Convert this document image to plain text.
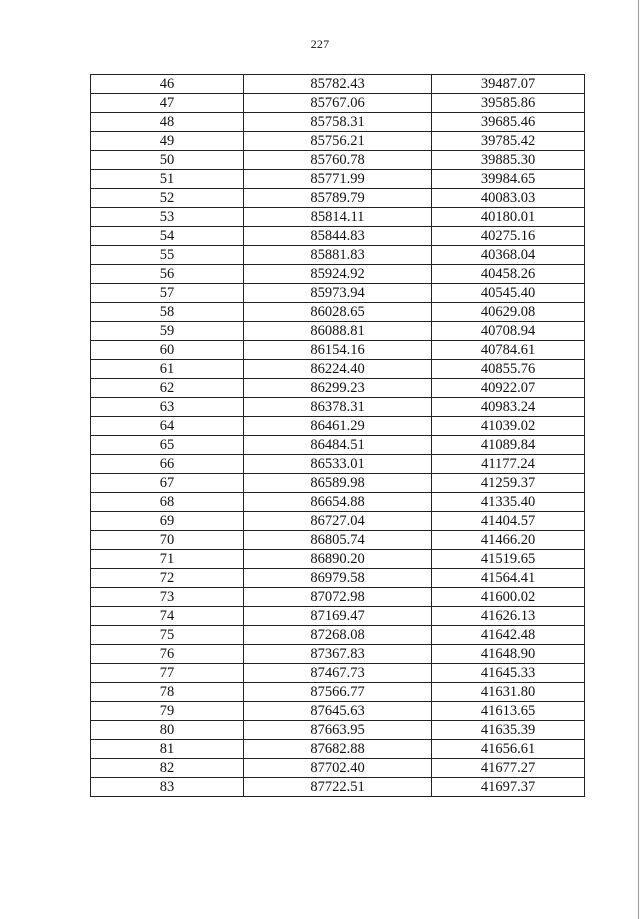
227
46	85782.43	39487.07
47	85767.06	39585.86
48	85758.31	39685.46
49	85756.21	39785.42
50	85760.78	39885.30
51	85771.99	39984.65
52	85789.79	40083.03
53	85814.11	40180.01
54	85844.83	40275.16
55	85881.83	40368.04
56	85924.92	40458.26
57	85973.94	40545.40
58	86028.65	40629.08
59	86088.81	40708.94
60	86154.16	40784.61
61	86224.40	40855.76
62	86299.23	40922.07
63	86378.31	40983.24
64	86461.29	41039.02
65	86484.51	41089.84
66	86533.01	41177.24
67	86589.98	41259.37
68	86654.88	41335.40
69	86727.04	41404.57
70	86805.74	41466.20
71	86890.20	41519.65
72	86979.58	41564.41
73	87072.98	41600.02
74	87169.47	41626.13
75	87268.08	41642.48
76	87367.83	41648.90
77	87467.73	41645.33
78	87566.77	41631.80
79	87645.63	41613.65
80	87663.95	41635.39
81	87682.88	41656.61
82	87702.40	41677.27
83	87722.51	41697.37
